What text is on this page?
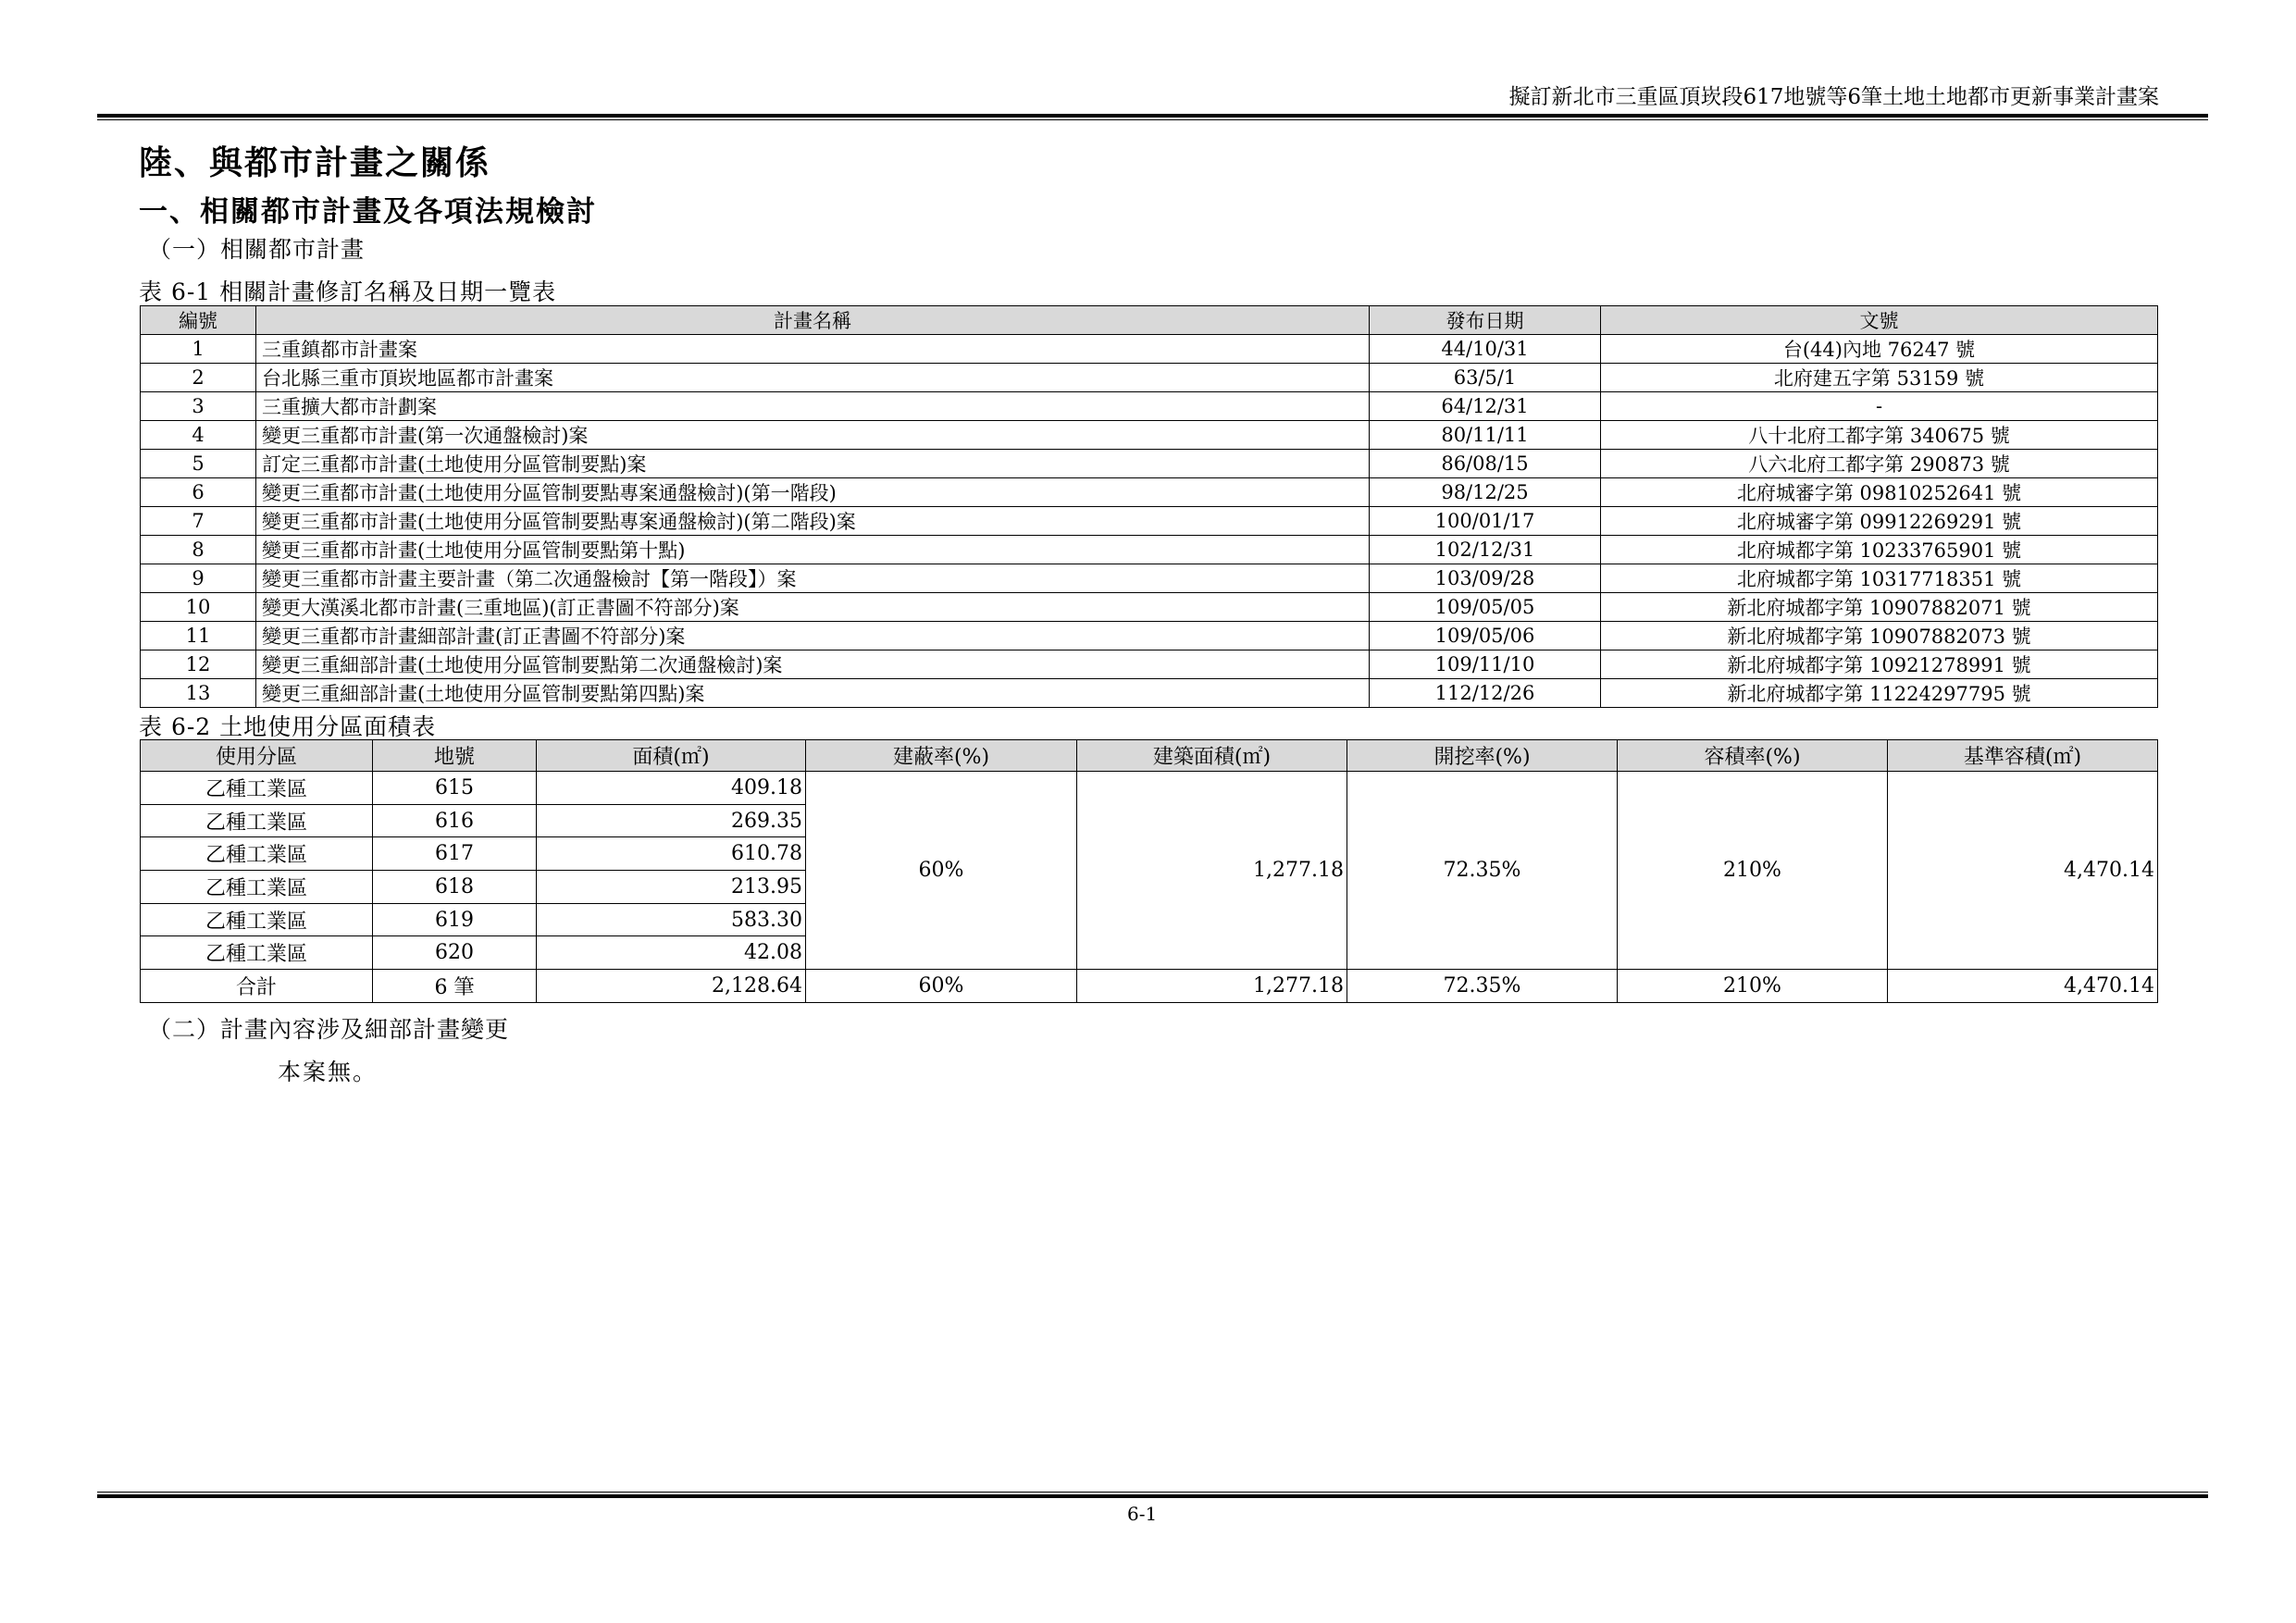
擬訂新北市三重區頂崁段617地號等6筆土地土地都市更新事業計畫案
陸、與都市計畫之關係
一、相關都市計畫及各項法規檢討
（一）相關都市計畫
表 6-1 相關計畫修訂名稱及日期一覽表
編號	計畫名稱	發布日期	文號
1	三重鎮都市計畫案	44/10/31	台(44)內地 76247 號
2	台北縣三重市頂崁地區都市計畫案	63/5/1	北府建五字第 53159 號
3	三重擴大都市計劃案	64/12/31	-
4	變更三重都市計畫(第一次通盤檢討)案	80/11/11	八十北府工都字第 340675 號
5	訂定三重都市計畫(土地使用分區管制要點)案	86/08/15	八六北府工都字第 290873 號
6	變更三重都市計畫(土地使用分區管制要點專案通盤檢討)(第一階段)	98/12/25	北府城審字第 09810252641 號
7	變更三重都市計畫(土地使用分區管制要點專案通盤檢討)(第二階段)案	100/01/17	北府城審字第 09912269291 號
8	變更三重都市計畫(土地使用分區管制要點第十點)	102/12/31	北府城都字第 10233765901 號
9	變更三重都市計畫主要計畫（第二次通盤檢討【第一階段】）案	103/09/28	北府城都字第 10317718351 號
10	變更大漢溪北都市計畫(三重地區)(訂正書圖不符部分)案	109/05/05	新北府城都字第 10907882071 號
11	變更三重都市計畫細部計畫(訂正書圖不符部分)案	109/05/06	新北府城都字第 10907882073 號
12	變更三重細部計畫(土地使用分區管制要點第二次通盤檢討)案	109/11/10	新北府城都字第 10921278991 號
13	變更三重細部計畫(土地使用分區管制要點第四點)案	112/12/26	新北府城都字第 11224297795 號
表 6-2 土地使用分區面積表
使用分區	地號	面積(㎡)	建蔽率(%)	建築面積(㎡)	開挖率(%)	容積率(%)	基準容積(㎡)
乙種工業區	615	409.18	60%	1,277.18	72.35%	210%	4,470.14
乙種工業區	616	269.35					
乙種工業區	617	610.78					
乙種工業區	618	213.95					
乙種工業區	619	583.30					
乙種工業區	620	42.08					
合計	6 筆	2,128.64	60%	1,277.18	72.35%	210%	4,470.14
（二）計畫內容涉及細部計畫變更
本案無。
6-1
